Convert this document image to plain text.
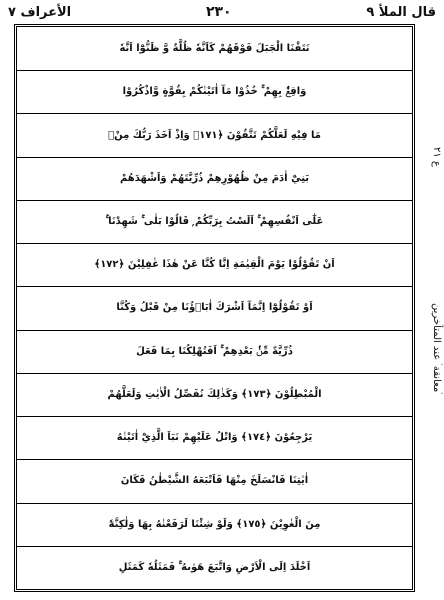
قال الملأ ٩
٢٣٠
الأعراف ٧
نَتَقْنَا الْجَبَلَ فَوْقَهُمْ كَاَنَّهٗ ظُلَّةٌ وَّ ظَنُّوْٓا اَنَّهٗ
وَاقِعٌۢ بِهِمْ ۚ خُذُوْا مَآ اٰتَيْنٰكُمْ بِقُوَّةٍ وَّاذْكُرُوْا
مَا فِيْهِ لَعَلَّكُمْ تَتَّقُوْنَ ﴿١٧١﴾ وَاِذْ اَخَذَ رَبُّكَ مِنْۢ
بَنِيْٓ اٰدَمَ مِنْ ظُهُوْرِهِمْ ذُرِّيَّتَهُمْ وَاَشْهَدَهُمْ
عَلٰٓى اَنْفُسِهِمْ ۚ اَلَسْتُ بِرَبِّكُمْ ۭ قَالُوْا بَلٰى ۚ شَهِدْنَا ۚ
اَنْ تَقُوْلُوْا يَوْمَ الْقِيٰمَةِ اِنَّا كُنَّا عَنْ هٰذَا غٰفِلِيْنَ ﴿١٧٢﴾
اَوْ تَقُوْلُوْٓا اِنَّمَآ اَشْرَكَ اٰبَاۗؤُنَا مِنْ قَبْلُ وَكُنَّا
ذُرِّيَّةً مِّنْۢ بَعْدِهِمْ ۚ اَفَتُهْلِكُنَا بِمَا فَعَلَ
الْمُبْطِلُوْنَ ﴿١٧٣﴾ وَكَذٰلِكَ نُفَصِّلُ الْاٰيٰتِ وَلَعَلَّهُمْ
يَرْجِعُوْنَ ﴿١٧٤﴾ وَاتْلُ عَلَيْهِمْ نَبَاَ الَّذِيْٓ اٰتَيْنٰهُ
اٰيٰتِنَا فَانْسَلَخَ مِنْهَا فَاَتْبَعَهُ الشَّيْطٰنُ فَكَانَ
مِنَ الْغٰوِيْنَ ﴿١٧٥﴾ وَلَوْ شِئْنَا لَرَفَعْنٰهُ بِهَا وَلٰكِنَّهٗٓ
اَخْلَدَ اِلَى الْاَرْضِ وَاتَّبَعَ هَوٰىهُ ۚ فَمَثَلُهٗ كَمَثَلِ
ع ٢١
معانقة ۘ عند المتأخرين ۘ
